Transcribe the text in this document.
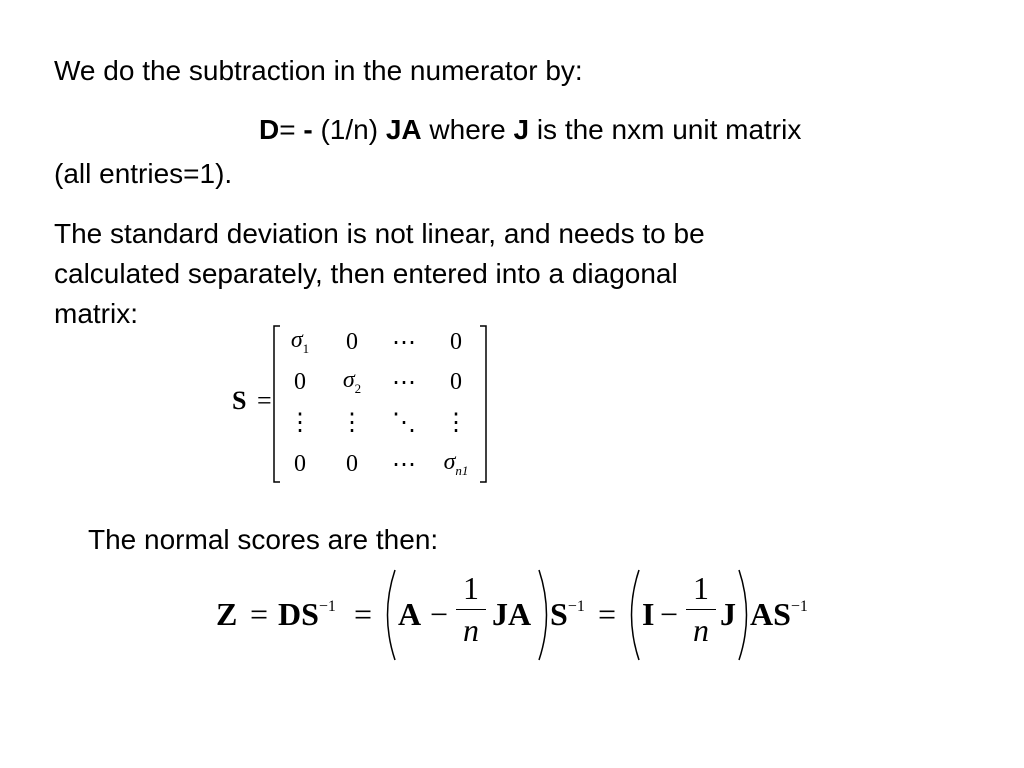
We do the subtraction in the numerator by:
D= - (1/n) JA where J is the nxm unit matrix
(all entries=1).
The standard deviation is not linear, and needs to be
calculated separately, then entered into a diagonal
matrix:
S =
$\sigma_1$	0	⋯	0
0	$\sigma_2$	⋯	0
⋮	⋮	⋱	⋮
0	0	⋯	$\sigma_{n1}$
The normal scores are then:
$Z = DS^{-1} = A$ −
1
n JA $S^{-1} = I$ −
1
n J $AS^{-1}$
